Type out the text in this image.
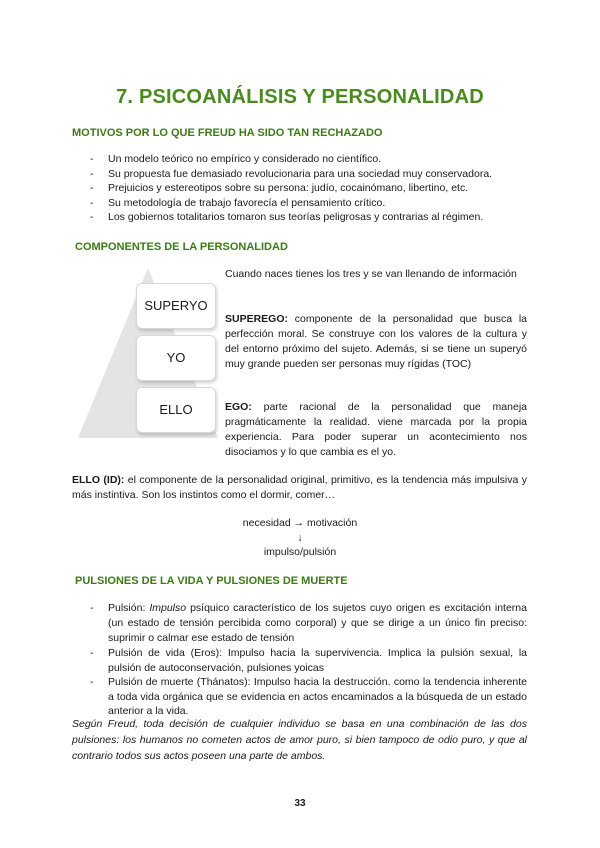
7. PSICOANÁLISIS Y PERSONALIDAD
MOTIVOS POR LO QUE FREUD HA SIDO TAN RECHAZADO
- Un modelo teórico no empírico y considerado no científico.
- Su propuesta fue demasiado revolucionaria para una sociedad muy conservadora.
- Prejuicios y estereotipos sobre su persona: judío, cocainómano, libertino, etc.
- Su metodología de trabajo favorecía el pensamiento crítico.
- Los gobiernos totalitarios tomaron sus teorías peligrosas y contrarias al régimen.
COMPONENTES DE LA PERSONALIDAD
SUPERYO
YO
ELLO
Cuando naces tienes los tres y se van llenando de información
SUPEREGO: componente de la personalidad que busca la perfección moral. Se construye con los valores de la cultura y del entorno próximo del sujeto. Además, si se tiene un superyó muy grande pueden ser personas muy rígidas (TOC)
EGO: parte racional de la personalidad que maneja pragmáticamente la realidad. viene marcada por la propia experiencia. Para poder superar un acontecimiento nos disociamos y lo que cambia es el yo.
ELLO (ID): el componente de la personalidad original, primitivo, es la tendencia más impulsiva y más instintiva. Son los instintos como el dormir, comer…
necesidad → motivación
↓
impulso/pulsión
PULSIONES DE LA VIDA Y PULSIONES DE MUERTE
- Pulsión: Impulso psíquico característico de los sujetos cuyo origen es excitación interna (un estado de tensión percibida como corporal) y que se dirige a un único fin preciso: suprimir o calmar ese estado de tensión
- Pulsión de vida (Eros): Impulso hacia la supervivencia. Implica la pulsión sexual, la pulsión de autoconservación, pulsiones yoicas
- Pulsión de muerte (Thánatos): Impulso hacia la destrucción. como la tendencia inherente a toda vida orgánica que se evidencia en actos encaminados a la búsqueda de un estado anterior a la vida.
Según Freud, toda decisión de cualquier individuo se basa en una combinación de las dos pulsiones: los humanos no cometen actos de amor puro, si bien tampoco de odio puro, y que al contrario todos sus actos poseen una parte de ambos.
33
